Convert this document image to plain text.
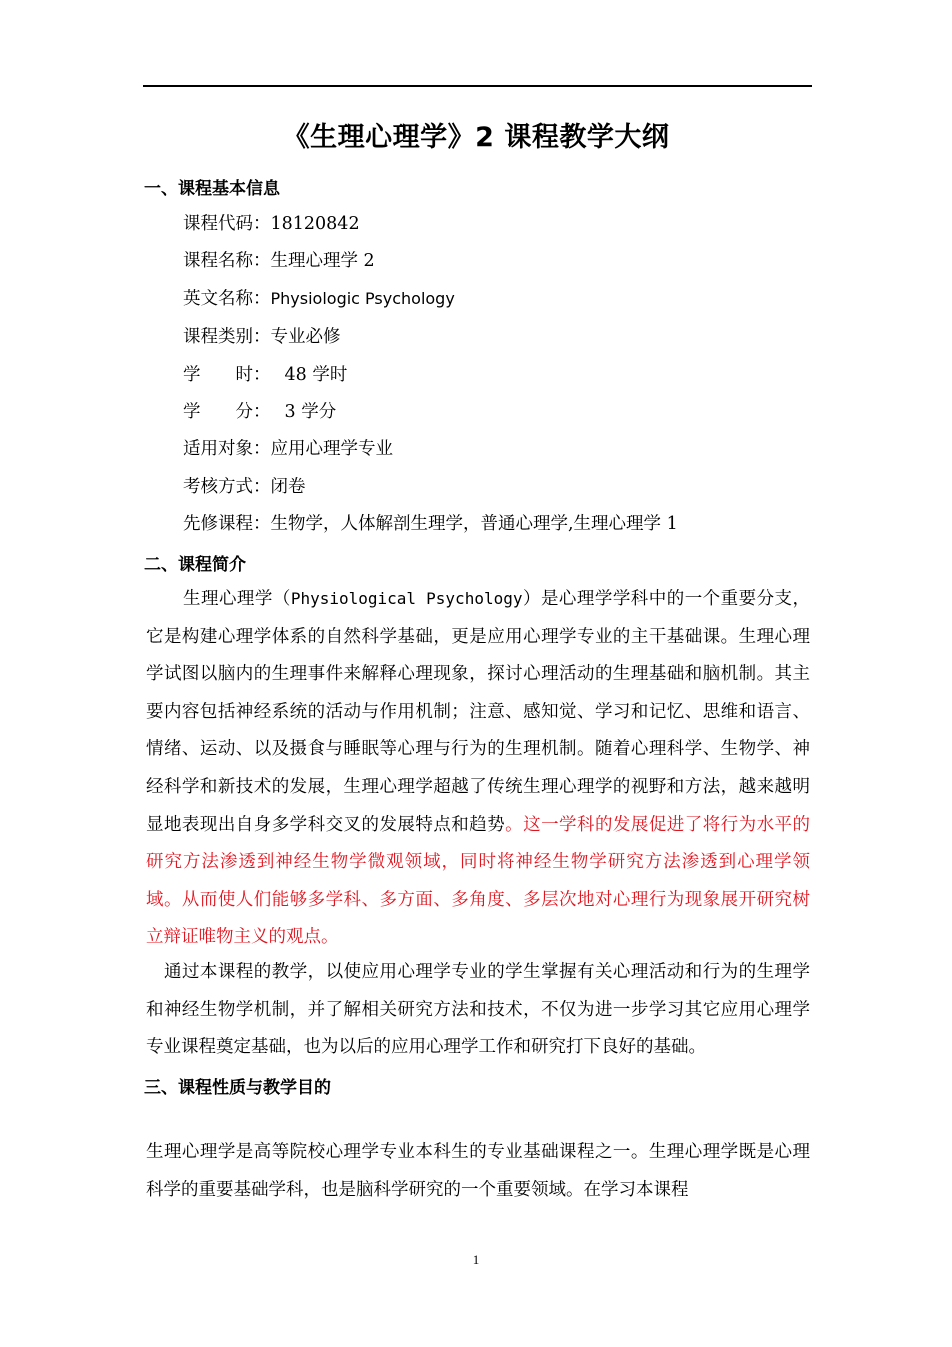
《生理心理学》2 课程教学大纲
一、课程基本信息
课程代码：18120842
课程名称：生理心理学 2
英文名称：Physiologic Psychology
课程类别：专业必修
学　　时： 48 学时
学　　分： 3 学分
适用对象：应用心理学专业
考核方式：闭卷
先修课程：生物学，人体解剖生理学，普通心理学,生理心理学 1
二、课程简介
生理心理学（Physiological Psychology）是心理学学科中的一个重要分支，它是构建心理学体系的自然科学基础，更是应用心理学专业的主干基础课。生理心理学试图以脑内的生理事件来解释心理现象，探讨心理活动的生理基础和脑机制。其主要内容包括神经系统的活动与作用机制；注意、感知觉、学习和记忆、思维和语言、情绪、运动、以及摄食与睡眠等心理与行为的生理机制。随着心理科学、生物学、神经科学和新技术的发展，生理心理学超越了传统生理心理学的视野和方法，越来越明显地表现出自身多学科交叉的发展特点和趋势。这一学科的发展促进了将行为水平的研究方法渗透到神经生物学微观领域，同时将神经生物学研究方法渗透到心理学领域。从而使人们能够多学科、多方面、多角度、多层次地对心理行为现象展开研究树立辩证唯物主义的观点。
通过本课程的教学，以使应用心理学专业的学生掌握有关心理活动和行为的生理学和神经生物学机制，并了解相关研究方法和技术，不仅为进一步学习其它应用心理学专业课程奠定基础，也为以后的应用心理学工作和研究打下良好的基础。
三、课程性质与教学目的
生理心理学是高等院校心理学专业本科生的专业基础课程之一。生理心理学既是心理科学的重要基础学科，也是脑科学研究的一个重要领域。在学习本课程
1
